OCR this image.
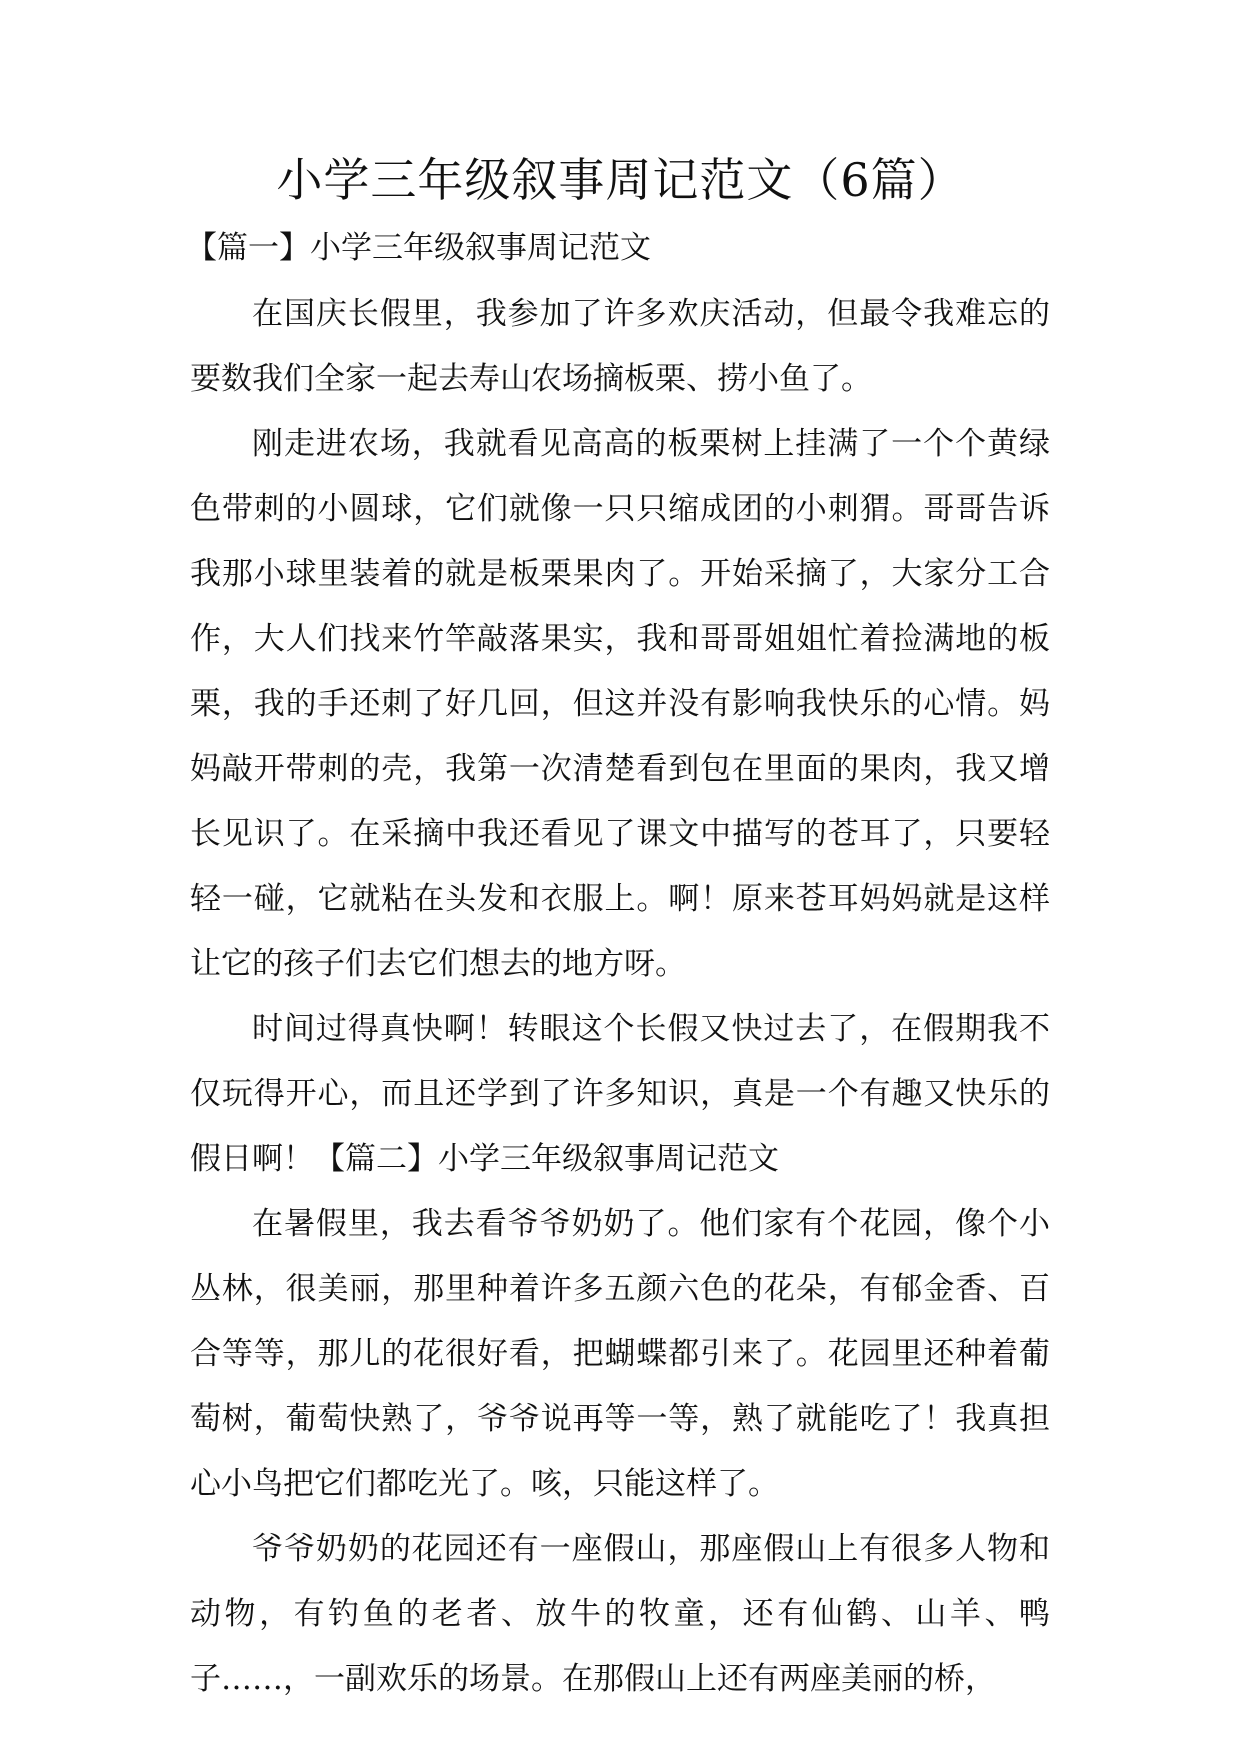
小学三年级叙事周记范文（6篇）
【篇一】小学三年级叙事周记范文

在国庆长假里，我参加了许多欢庆活动，但最令我难忘的要数我们全家一起去寿山农场摘板栗、捞小鱼了。

刚走进农场，我就看见高高的板栗树上挂满了一个个黄绿色带刺的小圆球，它们就像一只只缩成团的小刺猬。哥哥告诉我那小球里装着的就是板栗果肉了。开始采摘了，大家分工合作，大人们找来竹竿敲落果实，我和哥哥姐姐忙着捡满地的板栗，我的手还刺了好几回，但这并没有影响我快乐的心情。妈妈敲开带刺的壳，我第一次清楚看到包在里面的果肉，我又增长见识了。在采摘中我还看见了课文中描写的苍耳了，只要轻轻一碰，它就粘在头发和衣服上。啊！原来苍耳妈妈就是这样让它的孩子们去它们想去的地方呀。

时间过得真快啊！转眼这个长假又快过去了，在假期我不仅玩得开心，而且还学到了许多知识，真是一个有趣又快乐的假日啊！【篇二】小学三年级叙事周记范文

在暑假里，我去看爷爷奶奶了。他们家有个花园，像个小丛林，很美丽，那里种着许多五颜六色的花朵，有郁金香、百合等等，那儿的花很好看，把蝴蝶都引来了。花园里还种着葡萄树，葡萄快熟了，爷爷说再等一等，熟了就能吃了！我真担心小鸟把它们都吃光了。咳，只能这样了。

爷爷奶奶的花园还有一座假山，那座假山上有很多人物和动物，有钓鱼的老者、放牛的牧童，还有仙鹤、山羊、鸭子……，一副欢乐的场景。在那假山上还有两座美丽的桥，
